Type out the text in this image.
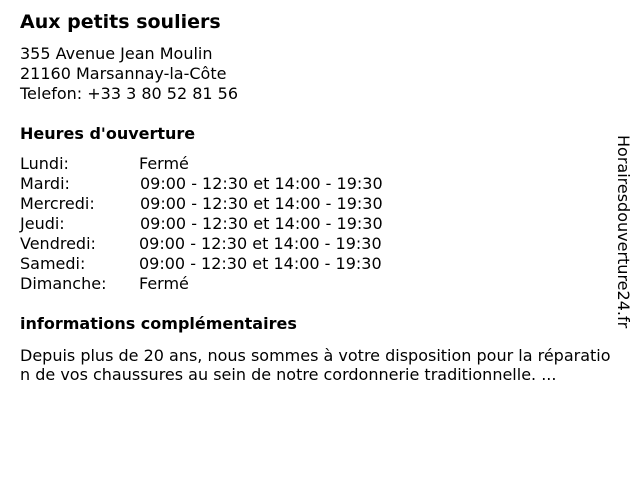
Aux petits souliers
355 Avenue Jean Moulin
21160 Marsannay-la-Côte
Telefon: +33 3 80 52 81 56
Heures d'ouverture
Lundi:	Fermé
Mardi:	09:00 - 12:30 et 14:00 - 19:30
Mercredi:	09:00 - 12:30 et 14:00 - 19:30
Jeudi:	09:00 - 12:30 et 14:00 - 19:30
Vendredi:	09:00 - 12:30 et 14:00 - 19:30
Samedi:	09:00 - 12:30 et 14:00 - 19:30
Dimanche: Fermé
informations complémentaires
Depuis plus de 20 ans, nous sommes à votre disposition pour la réparation de vos chaussures au sein de notre cordonnerie traditionnelle. ...
Horairesdouverture24.fr
